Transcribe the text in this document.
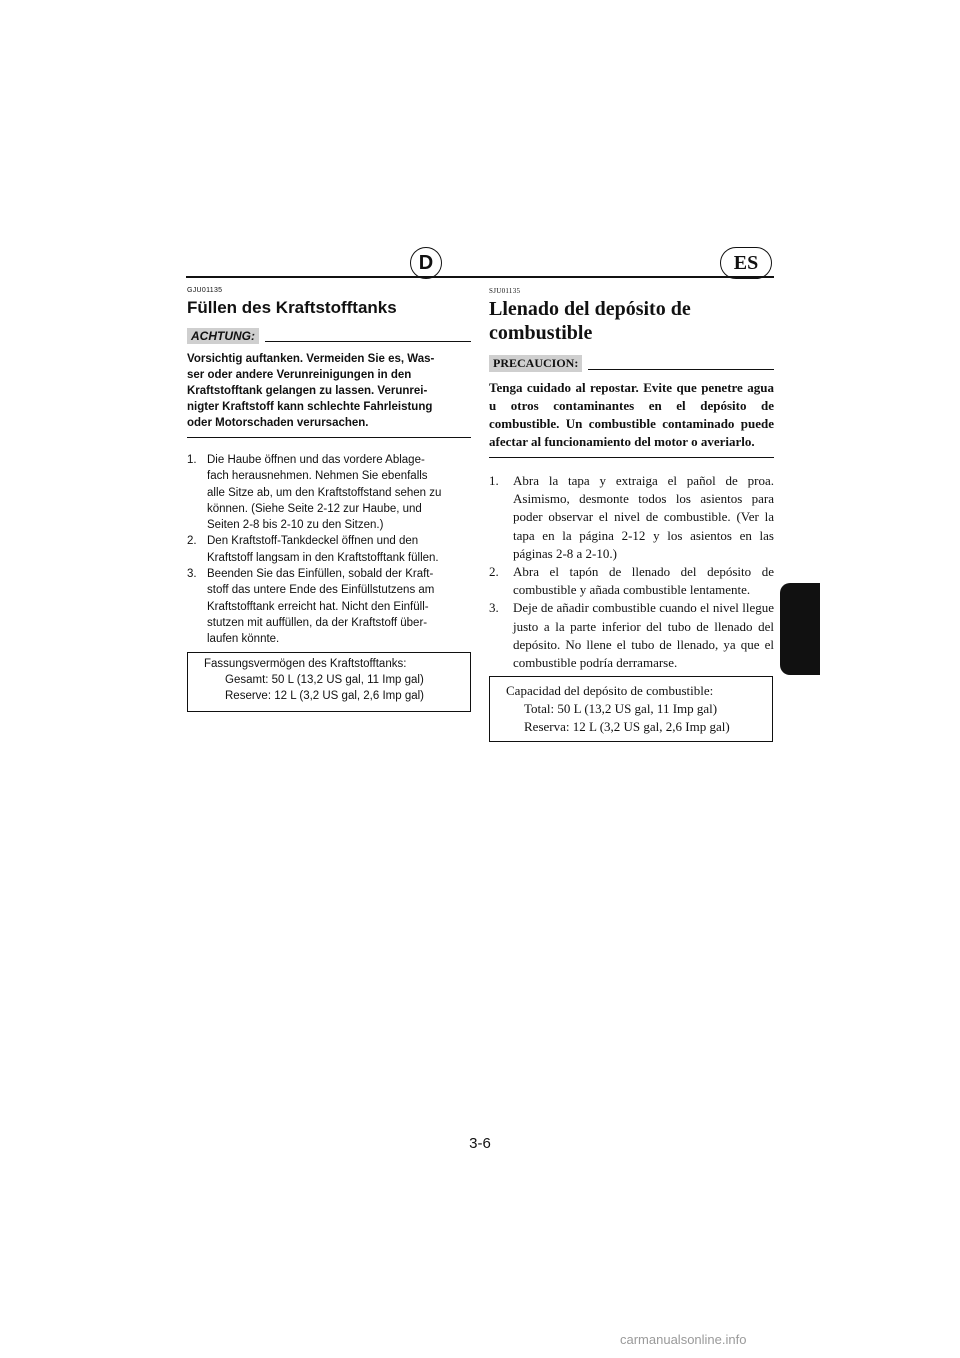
D	ES
GJU01135
Füllen des Kraftstofftanks
ACHTUNG:
Vorsichtig auftanken. Vermeiden Sie es, Was-
ser oder andere Verunreinigungen in den
Kraftstofftank gelangen zu lassen. Verunrei-
nigter Kraftstoff kann schlechte Fahrleistung
oder Motorschaden verursachen.
1. Die Haube öffnen und das vordere Ablage-
fach herausnehmen. Nehmen Sie ebenfalls
alle Sitze ab, um den Kraftstoffstand sehen zu
können. (Siehe Seite 2-12 zur Haube, und
Seiten 2-8 bis 2-10 zu den Sitzen.)
2. Den Kraftstoff-Tankdeckel öffnen und den
Kraftstoff langsam in den Kraftstofftank füllen.
3. Beenden Sie das Einfüllen, sobald der Kraft-
stoff das untere Ende des Einfüllstutzens am
Kraftstofftank erreicht hat. Nicht den Einfüll-
stutzen mit auffüllen, da der Kraftstoff über-
laufen könnte.
Fassungsvermögen des Kraftstofftanks:
Gesamt: 50 L (13,2 US gal, 11 Imp gal)
Reserve: 12 L (3,2 US gal, 2,6 Imp gal)
SJU01135
Llenado del depósito de
combustible
PRECAUCION:
Tenga cuidado al repostar. Evite que penetre agua u otros contaminantes en el depósito de combustible. Un combustible contaminado puede afectar al funcionamiento del motor o averiarlo.
1.	Abra la tapa y extraiga el pañol de proa. Asimismo, desmonte todos los asientos para poder observar el nivel de combustible. (Ver la tapa en la página 2-12 y los asientos en las páginas 2-8 a 2-10.)
2.	Abra el tapón de llenado del depósito de combustible y añada combustible lentamente.
3.	Deje de añadir combustible cuando el nivel llegue justo a la parte inferior del tubo de llenado del depósito. No llene el tubo de llenado, ya que el combustible podría derramarse.
Capacidad del depósito de combustible:
Total: 50 L (13,2 US gal, 11 Imp gal)
Reserva: 12 L (3,2 US gal, 2,6 Imp gal)
3-6
carmanualsonline.info
